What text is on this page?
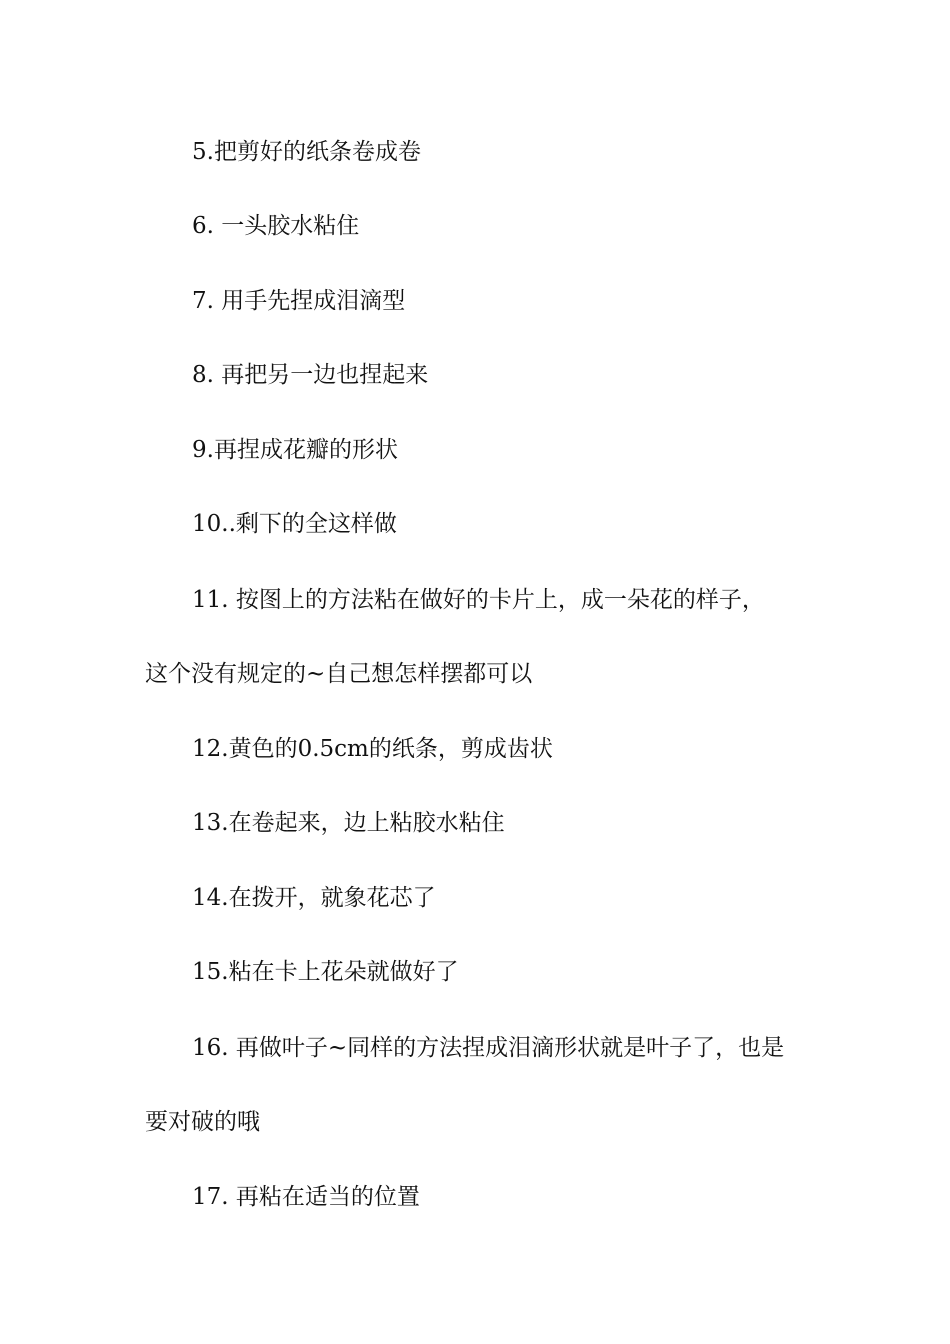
5.把剪好的纸条卷成卷
6. 一头胶水粘住
7. 用手先捏成泪滴型
8. 再把另一边也捏起来
9.再捏成花瓣的形状
10..剩下的全这样做
11. 按图上的方法粘在做好的卡片上，成一朵花的样子，
这个没有规定的~自己想怎样摆都可以
12.黄色的0.5cm的纸条，剪成齿状
13.在卷起来，边上粘胶水粘住
14.在拨开，就象花芯了
15.粘在卡上花朵就做好了
16. 再做叶子~同样的方法捏成泪滴形状就是叶子了，也是
要对破的哦
17. 再粘在适当的位置
